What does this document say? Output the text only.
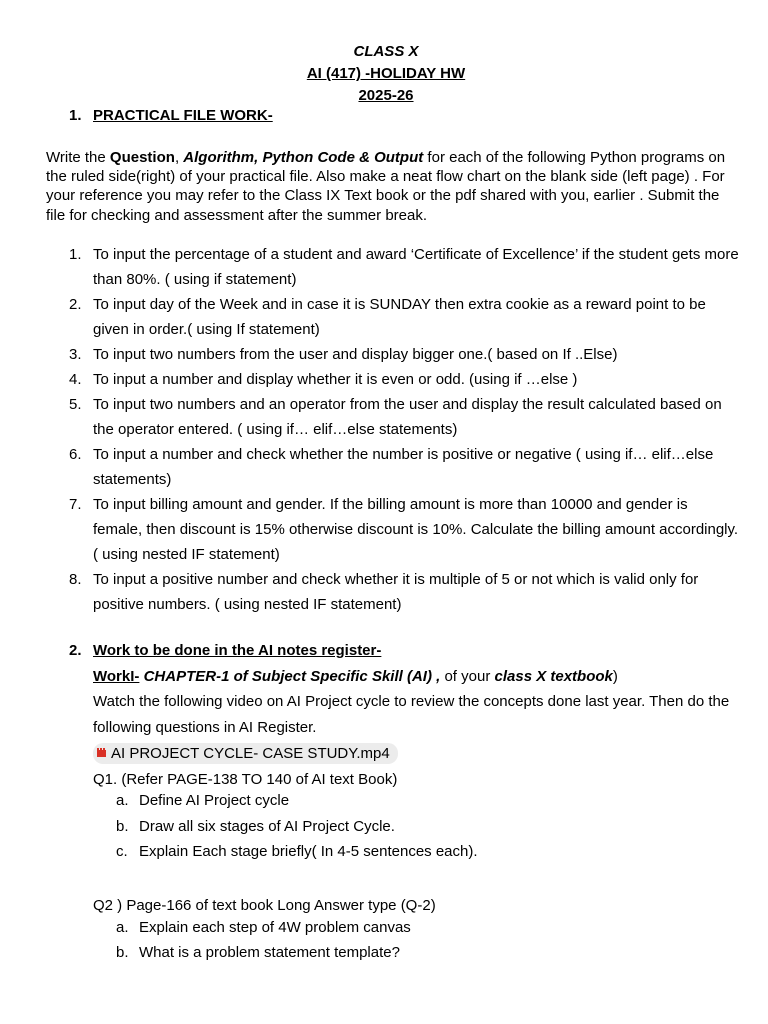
CLASS X
AI (417) -HOLIDAY HW
2025-26
1. PRACTICAL FILE WORK-
Write the Question, Algorithm, Python Code & Output for each of the following Python programs on the ruled side(right) of your practical file. Also make a neat flow chart on the blank side (left page) . For your reference you may refer to the Class IX Text book or the pdf shared with you, earlier . Submit the file for checking and assessment after the summer break.
1. To input the percentage of a student and award ‘Certificate of Excellence’ if the student gets more than 80%. ( using if statement)
2. To input day of the Week and in case it is SUNDAY then extra cookie as a reward point to be given in order.( using If statement)
3. To input two numbers from the user and display bigger one.( based on If ..Else)
4. To input a number and display whether it is even or odd. (using if …else )
5. To input two numbers and an operator from the user and display the result calculated based on the operator entered. ( using if… elif…else statements)
6. To input a number and check whether the number is positive or negative ( using if… elif…else statements)
7. To input billing amount and gender. If the billing amount is more than 10000 and gender is female, then discount is 15% otherwise discount is 10%. Calculate the billing amount accordingly. ( using nested IF statement)
8. To input a positive number and check whether it is multiple of 5 or not which is valid only for positive numbers. ( using nested IF statement)
2. Work to be done in the AI notes register-
WorkI- CHAPTER-1 of Subject Specific Skill (AI) , of your class X textbook)
Watch the following video on AI Project cycle to review the concepts done last year. Then do the following questions in AI Register.
AI PROJECT CYCLE- CASE STUDY.mp4
Q1. (Refer PAGE-138 TO 140 of AI text Book)
a. Define AI Project cycle
b. Draw all six stages of AI Project Cycle.
c. Explain Each stage briefly( In 4-5 sentences each).
Q2 ) Page-166 of text book Long Answer type (Q-2)
a. Explain each step of 4W problem canvas
b. What is a problem statement template?
